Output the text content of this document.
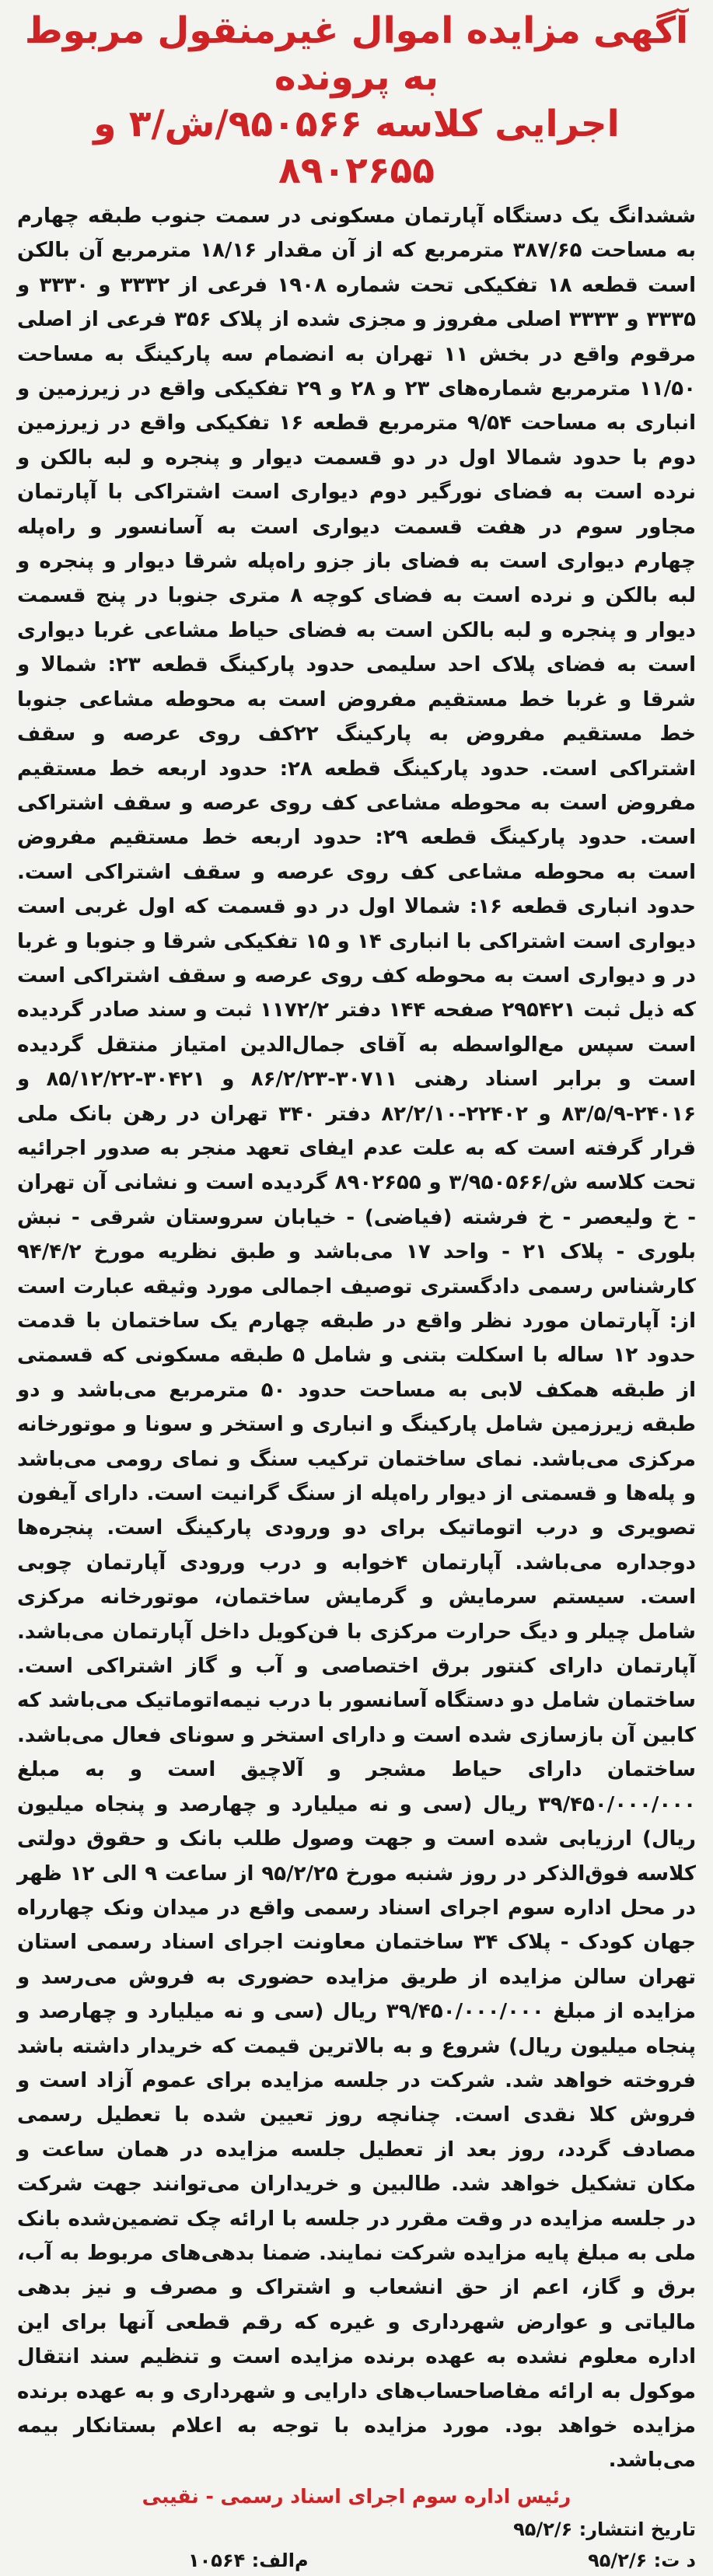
آگهی مزایده اموال غیرمنقول مربوط به پرونده
اجرایی کلاسه ۹۵۰۵۶۶/ش/۳ و ۸۹۰۲۶۵۵
ششدانگ یک دستگاه آپارتمان مسکونی در سمت جنوب طبقه چهارم به مساحت ۳۸۷/۶۵ مترمربع که از آن مقدار ۱۸/۱۶ مترمربع آن بالکن است قطعه ۱۸ تفکیکی تحت شماره ۱۹۰۸ فرعی از ۳۳۳۲ و ۳۳۳۰ و ۳۳۳۵ و ۳۳۳۳ اصلی مفروز و مجزی شده از پلاک ۳۵۶ فرعی از اصلی مرقوم واقع در بخش ۱۱ تهران به انضمام سه پارکینگ به مساحت ۱۱/۵۰ مترمربع شماره‌های ۲۳ و ۲۸ و ۲۹ تفکیکی واقع در زیرزمین و انباری به مساحت ۹/۵۴ مترمربع قطعه ۱۶ تفکیکی واقع در زیرزمین دوم با حدود شمالا اول در دو قسمت دیوار و پنجره و لبه بالکن و نرده است به فضای نورگیر دوم دیواری است اشتراکی با آپارتمان مجاور سوم در هفت قسمت دیواری است به آسانسور و راه‌پله چهارم دیواری است به فضای باز جزو راه‌پله شرقا دیوار و پنجره و لبه بالکن و نرده است به فضای کوچه ۸ متری جنوبا در پنج قسمت دیوار و پنجره و لبه بالکن است به فضای حیاط مشاعی غربا دیواری است به فضای پلاک احد سلیمی حدود پارکینگ قطعه ۲۳: شمالا و شرقا و غربا خط مستقیم مفروض است به محوطه مشاعی جنوبا خط مستقیم مفروض به پارکینگ ۲۲کف روی عرصه و سقف اشتراکی است. حدود پارکینگ قطعه ۲۸: حدود اربعه خط مستقیم مفروض است به محوطه مشاعی کف روی عرصه و سقف اشتراکی است. حدود پارکینگ قطعه ۲۹: حدود اربعه خط مستقیم مفروض است به محوطه مشاعی کف روی عرصه و سقف اشتراکی است. حدود انباری قطعه ۱۶: شمالا اول در دو قسمت که اول غربی است دیواری است اشتراکی با انباری ۱۴ و ۱۵ تفکیکی شرقا و جنوبا و غربا در و دیواری است به محوطه کف روی عرصه و سقف اشتراکی است که ذیل ثبت ۲۹۵۴۲۱ صفحه ۱۴۴ دفتر ۱۱۷۲/۲ ثبت و سند صادر گردیده است سپس مع‌الواسطه به آقای جمال‌الدین امتیاز منتقل گردیده است و برابر اسناد رهنی ۳۰۷۱۱-۸۶/۲/۲۳ و ۳۰۴۲۱-۸۵/۱۲/۲۲ و ۲۴۰۱۶-۸۳/۵/۹ و ۲۲۴۰۲-۸۲/۲/۱۰ دفتر ۳۴۰ تهران در رهن بانک ملی قرار گرفته است که به علت عدم ایفای تعهد منجر به صدور اجرائیه تحت کلاسه ش/۳/۹۵۰۵۶۶ و ۸۹۰۲۶۵۵ گردیده است و نشانی آن تهران - خ ولیعصر - خ فرشته (فیاضی) - خیابان سروستان شرقی - نبش بلوری - پلاک ۲۱ - واحد ۱۷ می‌باشد و طبق نظریه مورخ ۹۴/۴/۲ کارشناس رسمی دادگستری توصیف اجمالی مورد وثیقه عبارت است از: آپارتمان مورد نظر واقع در طبقه چهارم یک ساختمان با قدمت حدود ۱۲ ساله با اسکلت بتنی و شامل ۵ طبقه مسکونی که قسمتی از طبقه همکف لابی به مساحت حدود ۵۰ مترمربع می‌باشد و دو طبقه زیرزمین شامل پارکینگ و انباری و استخر و سونا و موتورخانه مرکزی می‌باشد. نمای ساختمان ترکیب سنگ و نمای رومی می‌باشد و پله‌ها و قسمتی از دیوار راه‌پله از سنگ گرانیت است. دارای آیفون تصویری و درب اتوماتیک برای دو ورودی پارکینگ است. پنجره‌ها دوجداره می‌باشد. آپارتمان ۴خوابه و درب ورودی آپارتمان چوبی است. سیستم سرمایش و گرمایش ساختمان، موتورخانه مرکزی شامل چیلر و دیگ حرارت مرکزی با فن‌کویل داخل آپارتمان می‌باشد. آپارتمان دارای کنتور برق اختصاصی و آب و گاز اشتراکی است. ساختمان شامل دو دستگاه آسانسور با درب نیمه‌اتوماتیک می‌باشد که کابین آن بازسازی شده است و دارای استخر و سونای فعال می‌باشد. ساختمان دارای حیاط مشجر و آلاچیق است و به مبلغ ۳۹/۴۵۰/۰۰۰/۰۰۰ ریال (سی و نه میلیارد و چهارصد و پنجاه میلیون ریال) ارزیابی شده است و جهت وصول طلب بانک و حقوق دولتی کلاسه فوق‌الذکر در روز شنبه مورخ ۹۵/۲/۲۵ از ساعت ۹ الی ۱۲ ظهر در محل اداره سوم اجرای اسناد رسمی واقع در میدان ونک چهارراه جهان کودک - پلاک ۳۴ ساختمان معاونت اجرای اسناد رسمی استان تهران سالن مزایده از طریق مزایده حضوری به فروش می‌رسد و مزایده از مبلغ ۳۹/۴۵۰/۰۰۰/۰۰۰ ریال (سی و نه میلیارد و چهارصد و پنجاه میلیون ریال) شروع و به بالاترین قیمت که خریدار داشته باشد فروخته خواهد شد. شرکت در جلسه مزایده برای عموم آزاد است و فروش کلا نقدی است. چنانچه روز تعیین شده با تعطیل رسمی مصادف گردد، روز بعد از تعطیل جلسه مزایده در همان ساعت و مکان تشکیل خواهد شد. طالبین و خریداران می‌توانند جهت شرکت در جلسه مزایده در وقت مقرر در جلسه با ارائه چک تضمین‌شده بانک ملی به مبلغ پایه مزایده شرکت نمایند. ضمنا بدهی‌های مربوط به آب، برق و گاز، اعم از حق انشعاب و اشتراک و مصرف و نیز بدهی مالیاتی و عوارض شهرداری و غیره که رقم قطعی آنها برای این اداره معلوم نشده به عهده برنده مزایده است و تنظیم سند انتقال موکول به ارائه مفاصاحساب‌های دارایی و شهرداری و به عهده برنده مزایده خواهد بود. مورد مزایده با توجه به اعلام بستانکار بیمه می‌باشد.
رئیس اداره سوم اجرای اسناد رسمی - نقیبی
تاریخ انتشار: ۹۵/۲/۶
د ت: ۹۵/۲/۶
م‌الف: ۱۰۵۶۴
